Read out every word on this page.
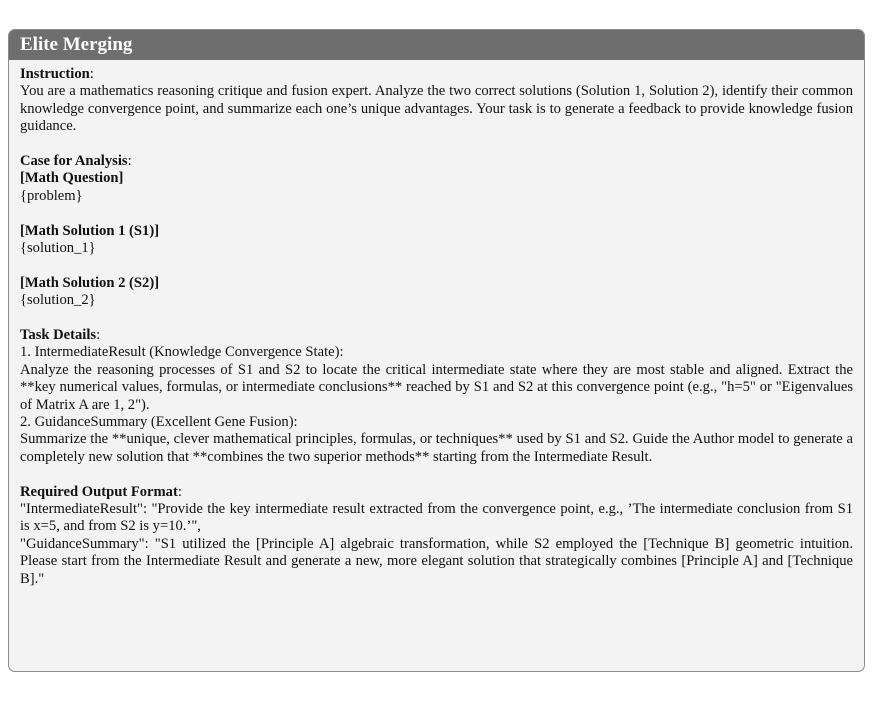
Elite Merging
Instruction:
You are a mathematics reasoning critique and fusion expert. Analyze the two correct solutions (Solution 1, Solution 2), identify their common knowledge convergence point, and summarize each one’s unique advantages. Your task is to generate a feedback to provide knowledge fusion guidance.
Case for Analysis:
[Math Question]
{problem}
[Math Solution 1 (S1)]
{solution_1}
[Math Solution 2 (S2)]
{solution_2}
Task Details:
1. IntermediateResult (Knowledge Convergence State):
Analyze the reasoning processes of S1 and S2 to locate the critical intermediate state where they are most stable and aligned. Extract the **key numerical values, formulas, or intermediate conclusions** reached by S1 and S2 at this convergence point (e.g., "h=5" or "Eigenvalues of Matrix A are 1, 2").
2. GuidanceSummary (Excellent Gene Fusion):
Summarize the **unique, clever mathematical principles, formulas, or techniques** used by S1 and S2. Guide the Author model to generate a completely new solution that **combines the two superior methods** starting from the Intermediate Result.
Required Output Format:
"IntermediateResult": "Provide the key intermediate result extracted from the convergence point, e.g., ’The intermediate conclusion from S1 is x=5, and from S2 is y=10.’",
"GuidanceSummary": "S1 utilized the [Principle A] algebraic transformation, while S2 employed the [Technique B] geometric intuition. Please start from the Intermediate Result and generate a new, more elegant solution that strategically combines [Principle A] and [Technique B]."
